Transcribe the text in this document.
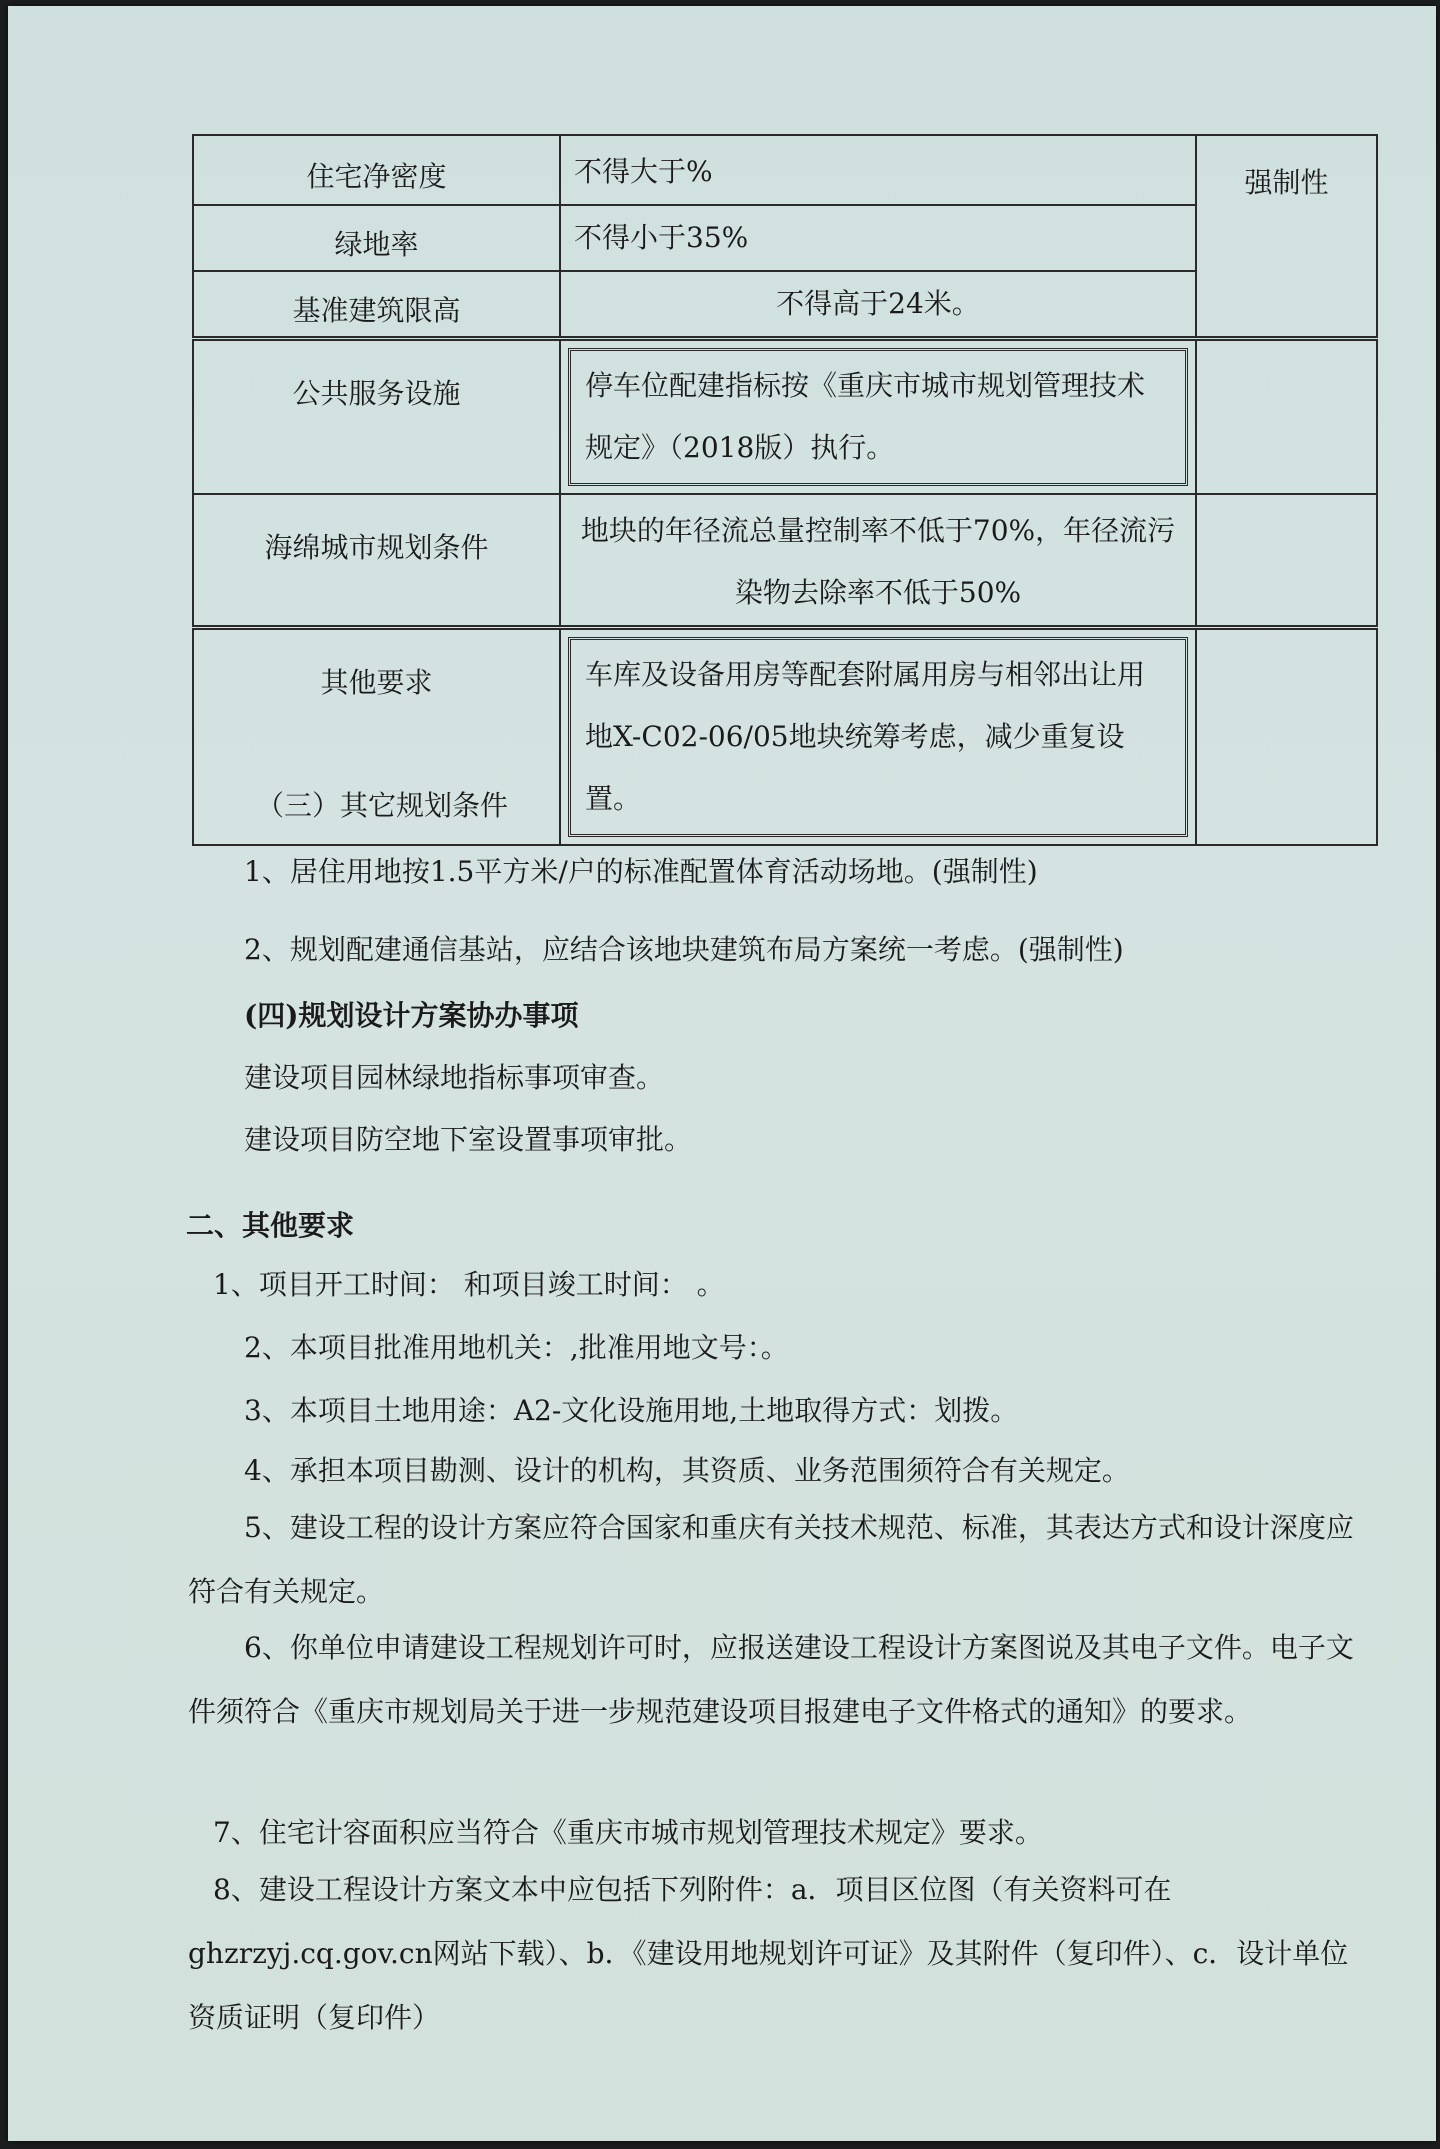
住宅净密度	不得大于%	强制性

绿地率	不得小于35%	

基准建筑限高	不得高于24米。	

公共服务设施	停车位配建指标按《重庆市城市规划管理技术规定》（2018版）执行。	

海绵城市规划条件	地块的年径流总量控制率不低于70%，年径流污染物去除率不低于50%	

其他要求	车库及设备用房等配套附属用房与相邻出让用地X-C02-06/05地块统筹考虑，减少重复设置。	

（三）其它规划条件
1、居住用地按1.5平方米/户的标准配置体育活动场地。(强制性)
2、规划配建通信基站，应结合该地块建筑布局方案统一考虑。(强制性)
(四)规划设计方案协办事项
建设项目园林绿地指标事项审查。
建设项目防空地下室设置事项审批。
二、其他要求
1、项目开工时间： 和项目竣工时间： 。
2、本项目批准用地机关：,批准用地文号：。
3、本项目土地用途：A2-文化设施用地,土地取得方式：划拨。
4、承担本项目勘测、设计的机构，其资质、业务范围须符合有关规定。
5、建设工程的设计方案应符合国家和重庆有关技术规范、标准，其表达方式和设计深度应符合有关规定。
6、你单位申请建设工程规划许可时，应报送建设工程设计方案图说及其电子文件。电子文件须符合《重庆市规划局关于进一步规范建设项目报建电子文件格式的通知》的要求。
7、住宅计容面积应当符合《重庆市城市规划管理技术规定》要求。
8、建设工程设计方案文本中应包括下列附件：a．项目区位图（有关资料可在ghzrzyj.cq.gov.cn网站下载）、b．《建设用地规划许可证》及其附件（复印件）、c．设计单位资质证明（复印件）
